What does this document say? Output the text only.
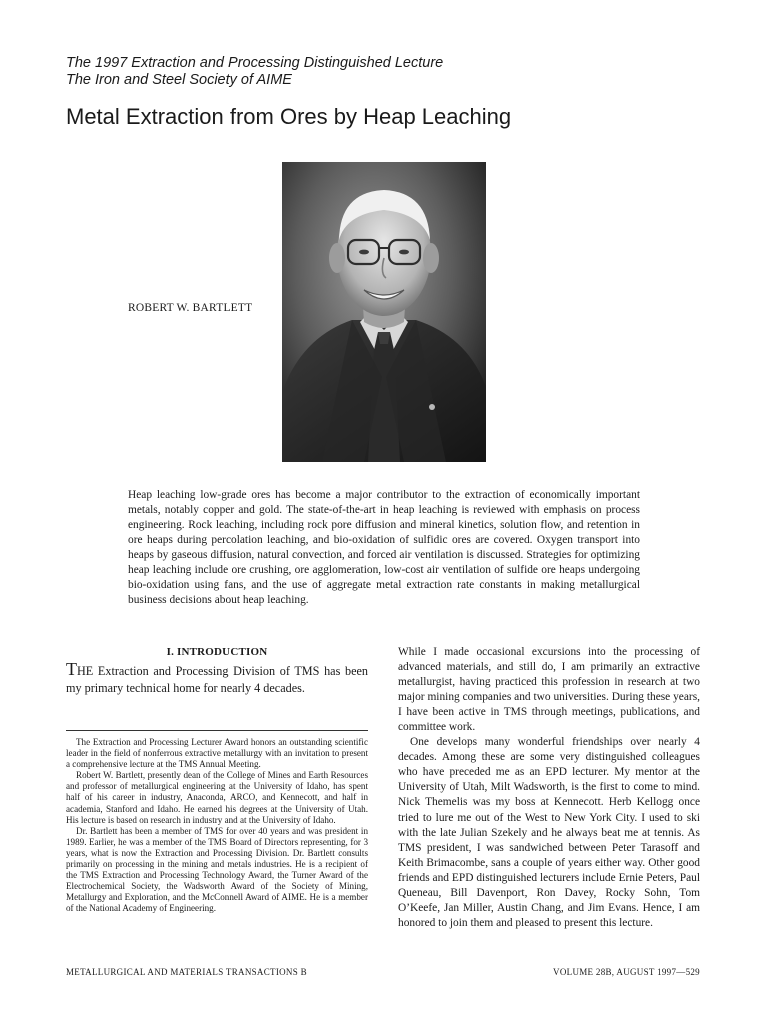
The 1997 Extraction and Processing Distinguished Lecture
The Iron and Steel Society of AIME
Metal Extraction from Ores by Heap Leaching
ROBERT W. BARTLETT
Heap leaching low-grade ores has become a major contributor to the extraction of economically important metals, notably copper and gold. The state-of-the-art in heap leaching is reviewed with emphasis on process engineering. Rock leaching, including rock pore diffusion and mineral kinetics, solution flow, and retention in ore heaps during percolation leaching, and bio-oxidation of sulfidic ores are covered. Oxygen transport into heaps by gaseous diffusion, natural convection, and forced air ventilation is discussed. Strategies for optimizing heap leaching include ore crushing, ore agglomeration, low-cost air ventilation of sulfide ore heaps undergoing bio-oxidation using fans, and the use of aggregate metal extraction rate constants in making metallurgical business decisions about heap leaching.
I. INTRODUCTION
THE Extraction and Processing Division of TMS has been my primary technical home for nearly 4 decades.

The Extraction and Processing Lecturer Award honors an outstanding scientific leader in the field of nonferrous extractive metallurgy with an invitation to present a comprehensive lecture at the TMS Annual Meeting.

Robert W. Bartlett, presently dean of the College of Mines and Earth Resources and professor of metallurgical engineering at the University of Idaho, has spent half of his career in industry, Anaconda, ARCO, and Kennecott, and half in academia, Stanford and Idaho. He earned his degrees at the University of Utah. His lecture is based on research in industry and at the University of Idaho.

Dr. Bartlett has been a member of TMS for over 40 years and was president in 1989. Earlier, he was a member of the TMS Board of Directors representing, for 3 years, what is now the Extraction and Processing Division. Dr. Bartlett consults primarily on processing in the mining and metals industries. He is a recipient of the TMS Extraction and Processing Technology Award, the Turner Award of the Electrochemical Society, the Wadsworth Award of the Society of Mining, Metallurgy and Exploration, and the McConnell Award of AIME. He is a member of the National Academy of Engineering.

While I made occasional excursions into the processing of advanced materials, and still do, I am primarily an extractive metallurgist, having practiced this profession in research at two major mining companies and two universities. During these years, I have been active in TMS through meetings, publications, and committee work.

One develops many wonderful friendships over nearly 4 decades. Among these are some very distinguished colleagues who have preceded me as an EPD lecturer. My mentor at the University of Utah, Milt Wadsworth, is the first to come to mind. Nick Themelis was my boss at Kennecott. Herb Kellogg once tried to lure me out of the West to New York City. I used to ski with the late Julian Szekely and he always beat me at tennis. As TMS president, I was sandwiched between Peter Tarasoff and Keith Brimacombe, sans a couple of years either way. Other good friends and EPD distinguished lecturers include Ernie Peters, Paul Queneau, Bill Davenport, Ron Davey, Rocky Sohn, Tom O’Keefe, Jan Miller, Austin Chang, and Jim Evans. Hence, I am honored to join them and pleased to present this lecture.

METALLURGICAL AND MATERIALS TRANSACTIONS B	VOLUME 28B, AUGUST 1997—529
